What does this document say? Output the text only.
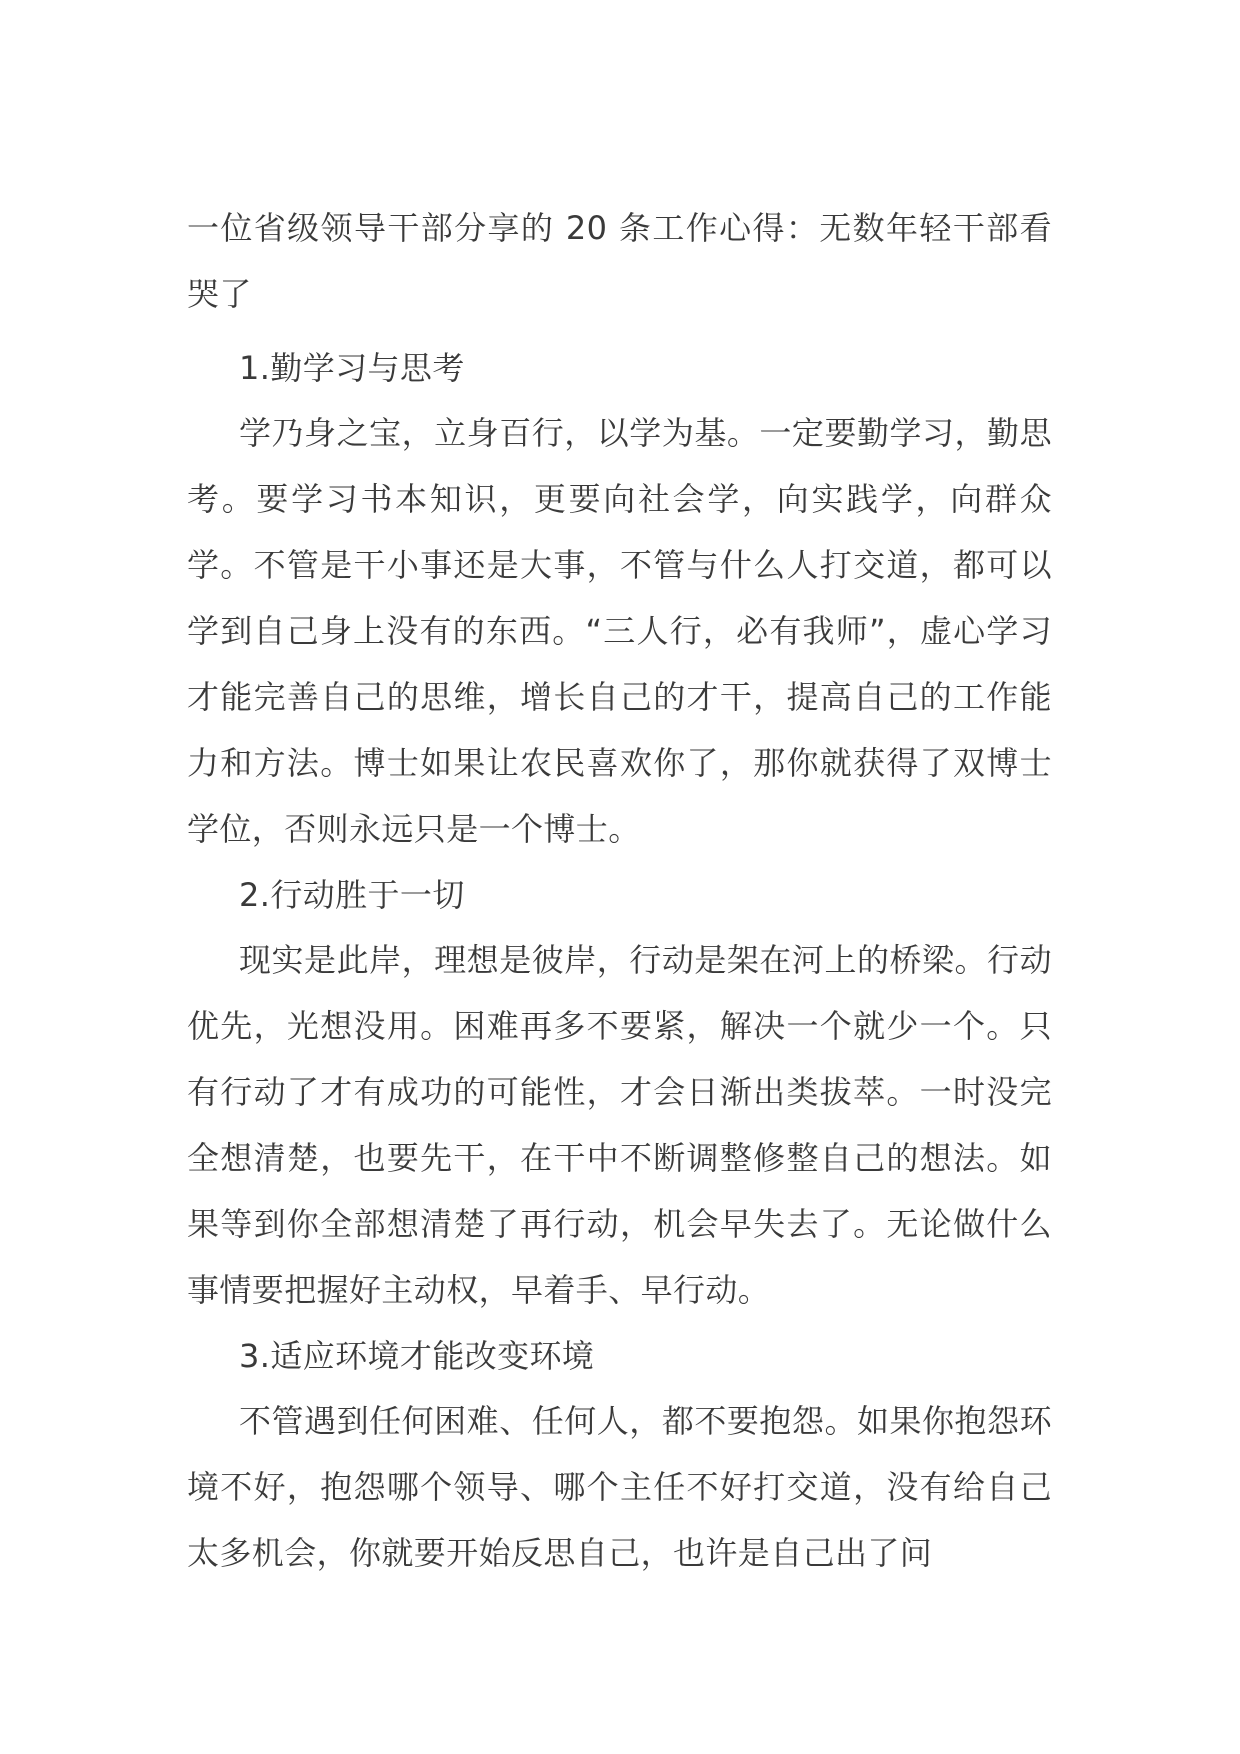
一位省级领导干部分享的 20 条工作心得：无数年轻干部看哭了
1.勤学习与思考

学乃身之宝，立身百行，以学为基。一定要勤学习，勤思考。要学习书本知识，更要向社会学，向实践学，向群众学。不管是干小事还是大事，不管与什么人打交道，都可以学到自己身上没有的东西。“三人行，必有我师”，虚心学习才能完善自己的思维，增长自己的才干，提高自己的工作能力和方法。博士如果让农民喜欢你了，那你就获得了双博士学位，否则永远只是一个博士。

2.行动胜于一切

现实是此岸，理想是彼岸，行动是架在河上的桥梁。行动优先，光想没用。困难再多不要紧，解决一个就少一个。只有行动了才有成功的可能性，才会日渐出类拔萃。一时没完全想清楚，也要先干，在干中不断调整修整自己的想法。如果等到你全部想清楚了再行动，机会早失去了。无论做什么事情要把握好主动权，早着手、早行动。

3.适应环境才能改变环境

不管遇到任何困难、任何人，都不要抱怨。如果你抱怨环境不好，抱怨哪个领导、哪个主任不好打交道，没有给自己太多机会，你就要开始反思自己，也许是自己出了问
